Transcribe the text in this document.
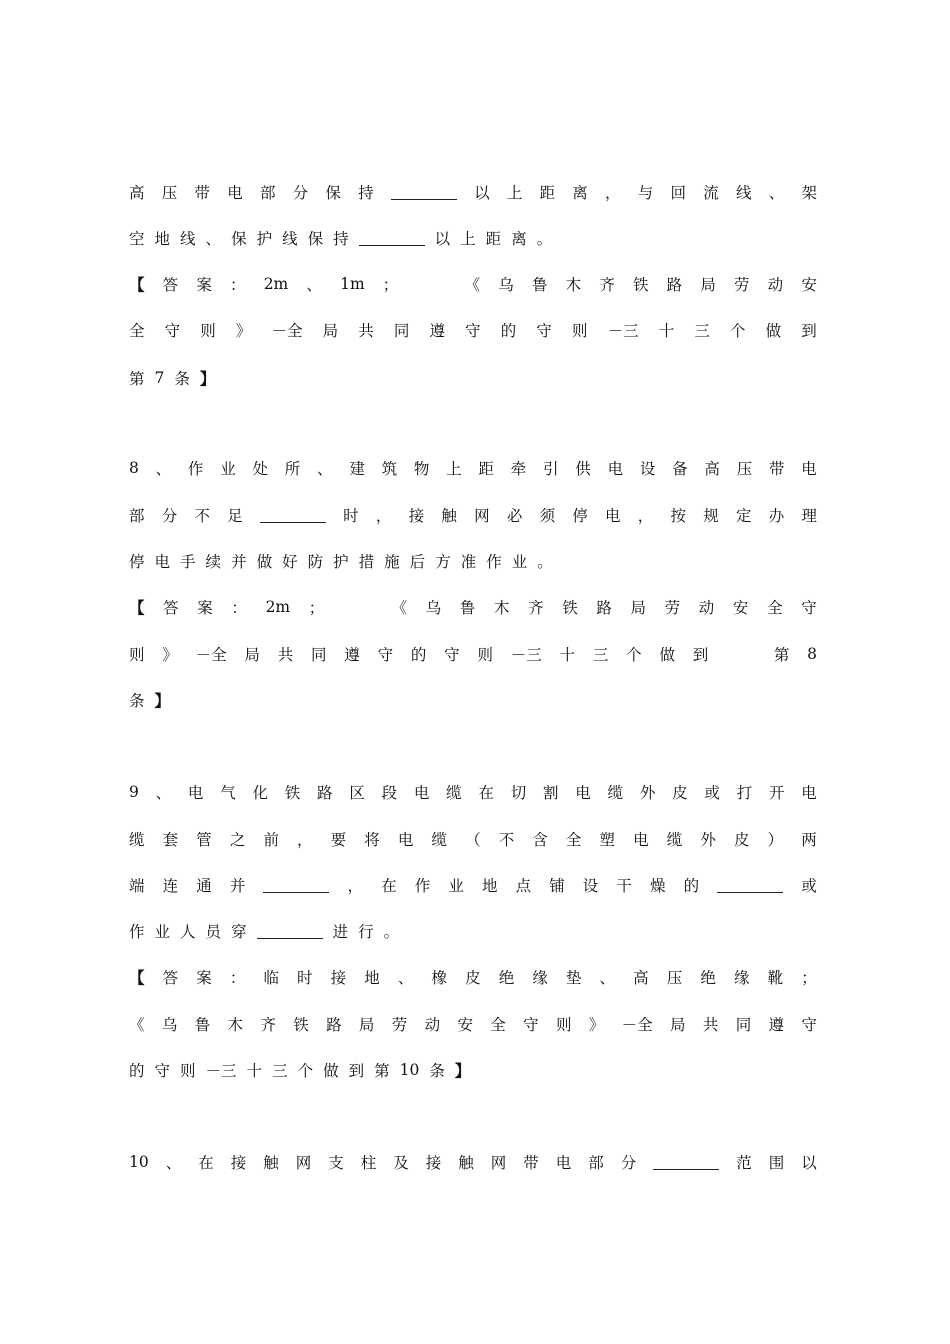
高 压 带 电 部 分 保 持	以 上 距 离 ， 与 回 流 线 、 架
空 地 线 、 保 护 线 保 持	以 上 距 离 。
【 答 案 ： 2m 、 1m ；	《 乌 鲁 木 齐 铁 路 局 劳 动 安
全 守 则 》 －全 局 共 同 遵 守 的 守 则 －三 十 三 个 做 到
第 7 条 】
8 、 作 业 处 所 、 建 筑 物 上 距 牵 引 供 电 设 备 高 压 带 电
部 分 不 足	时 ， 接 触 网 必 须 停 电 ， 按 规 定 办 理
停 电 手 续 并 做 好 防 护 措 施 后 方 准 作 业 。
【 答 案 ： 2m ；	《 乌 鲁 木 齐 铁 路 局 劳 动 安 全 守
则 》 －全 局 共 同 遵 守 的 守 则 －三 十 三 个 做 到	第 8
条 】
9 、 电 气 化 铁 路 区 段 电 缆 在 切 割 电 缆 外 皮 或 打 开 电
缆 套 管 之 前 ， 要 将 电 缆 （ 不 含 全 塑 电 缆 外 皮 ） 两
端 连 通 并	， 在 作 业 地 点 铺 设 干 燥 的	或
作 业 人 员 穿	进 行 。
【 答 案 ： 临 时 接 地 、 橡 皮 绝 缘 垫 、 高 压 绝 缘 靴 ；
《 乌 鲁 木 齐 铁 路 局 劳 动 安 全 守 则 》 －全 局 共 同 遵 守
的 守 则 －三 十 三 个 做 到 第 10 条 】
10 、 在 接 触 网 支 柱 及 接 触 网 带 电 部 分	范 围 以
